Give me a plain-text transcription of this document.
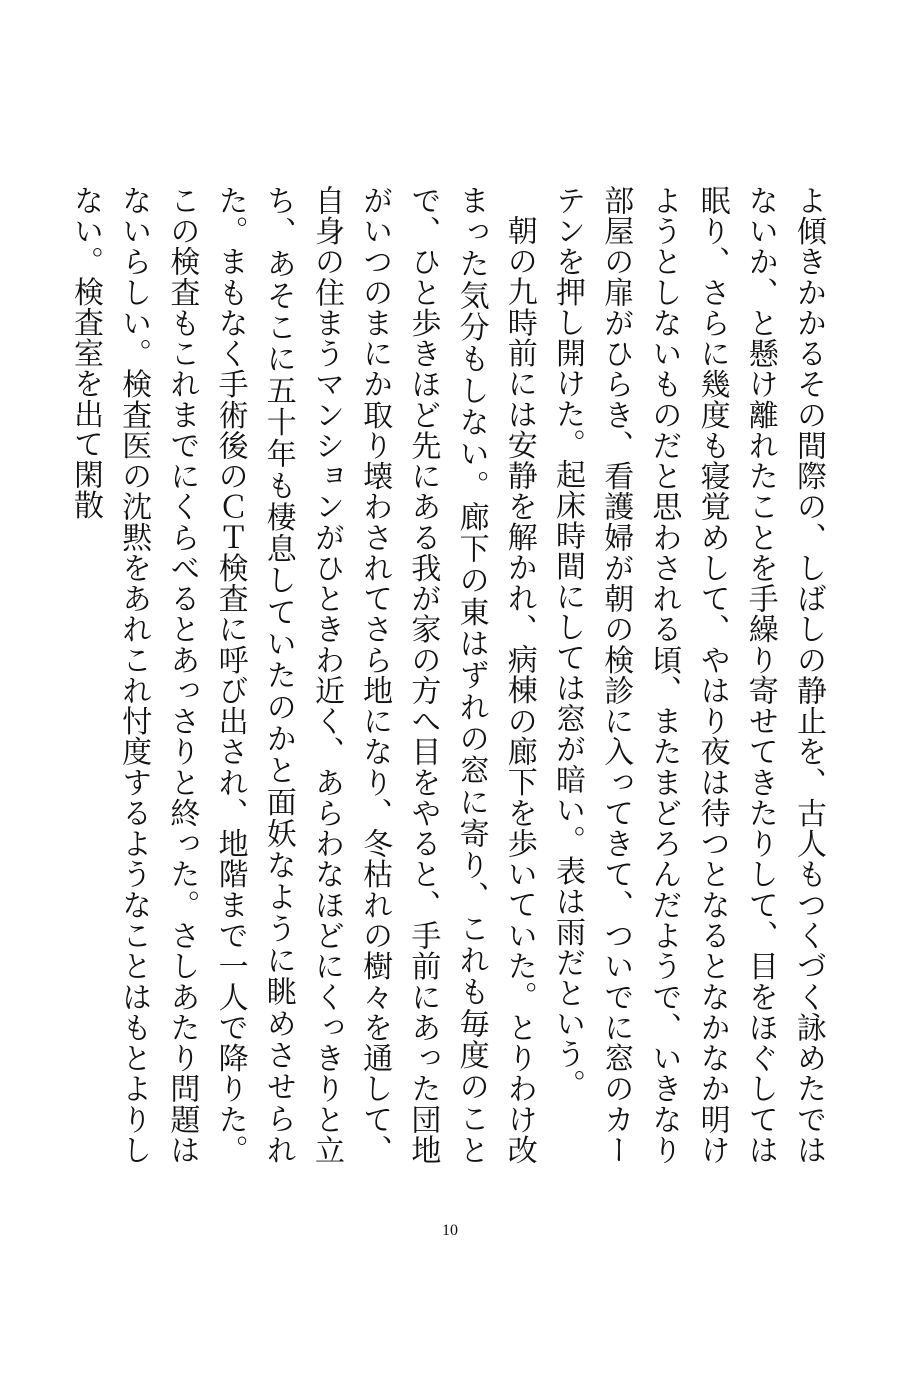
よ傾きかかるその間際の、しばしの静止を、古人もつくづく詠めたではないか、と懸け離れたことを手繰り寄せてきたりして、目をほぐしては眠り、さらに幾度も寝覚めして、やはり夜は待つとなるとなかなか明けようとしないものだと思わされる頃、またまどろんだようで、いきなり部屋の扉がひらき、看護婦が朝の検診に入ってきて、ついでに窓のカーテンを押し開けた。起床時間にしては窓が暗い。表は雨だという。

朝の九時前には安静を解かれ、病棟の廊下を歩いていた。とりわけ改まった気分もしない。廊下の東はずれの窓に寄り、これも毎度のことで、ひと歩きほど先にある我が家の方へ目をやると、手前にあった団地がいつのまにか取り壊わされてさら地になり、冬枯れの樹々を通して、自身の住まうマンションがひときわ近く、あらわなほどにくっきりと立ち、あそこに五十年も棲息していたのかと面妖なように眺めさせられた。まもなく手術後のＣＴ検査に呼び出され、地階まで一人で降りた。この検査もこれまでにくらべるとあっさりと終った。さしあたり問題はないらしい。検査医の沈黙をあれこれ忖度するようなことはもとよりしない。検査室を出て閑散

10
